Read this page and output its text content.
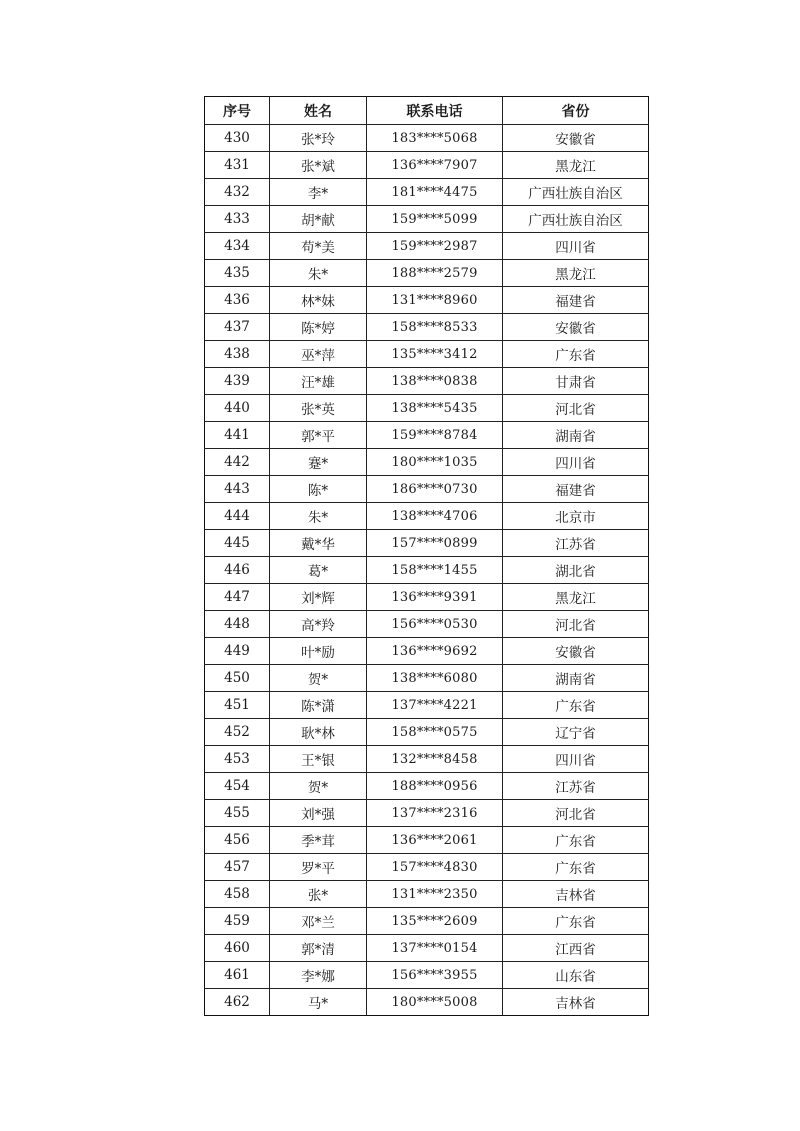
序号	姓名	联系电话	省份
430	张*玲	183****5068	安徽省
431	张*斌	136****7907	黑龙江
432	李*	181****4475	广西壮族自治区
433	胡*献	159****5099	广西壮族自治区
434	苟*美	159****2987	四川省
435	朱*	188****2579	黑龙江
436	林*妹	131****8960	福建省
437	陈*婷	158****8533	安徽省
438	巫*萍	135****3412	广东省
439	汪*雄	138****0838	甘肃省
440	张*英	138****5435	河北省
441	郭*平	159****8784	湖南省
442	蹇*	180****1035	四川省
443	陈*	186****0730	福建省
444	朱*	138****4706	北京市
445	戴*华	157****0899	江苏省
446	葛*	158****1455	湖北省
447	刘*辉	136****9391	黑龙江
448	高*羚	156****0530	河北省
449	叶*励	136****9692	安徽省
450	贺*	138****6080	湖南省
451	陈*潇	137****4221	广东省
452	耿*林	158****0575	辽宁省
453	王*银	132****8458	四川省
454	贺*	188****0956	江苏省
455	刘*强	137****2316	河北省
456	季*茸	136****2061	广东省
457	罗*平	157****4830	广东省
458	张*	131****2350	吉林省
459	邓*兰	135****2609	广东省
460	郭*清	137****0154	江西省
461	李*娜	156****3955	山东省
462	马*	180****5008	吉林省
